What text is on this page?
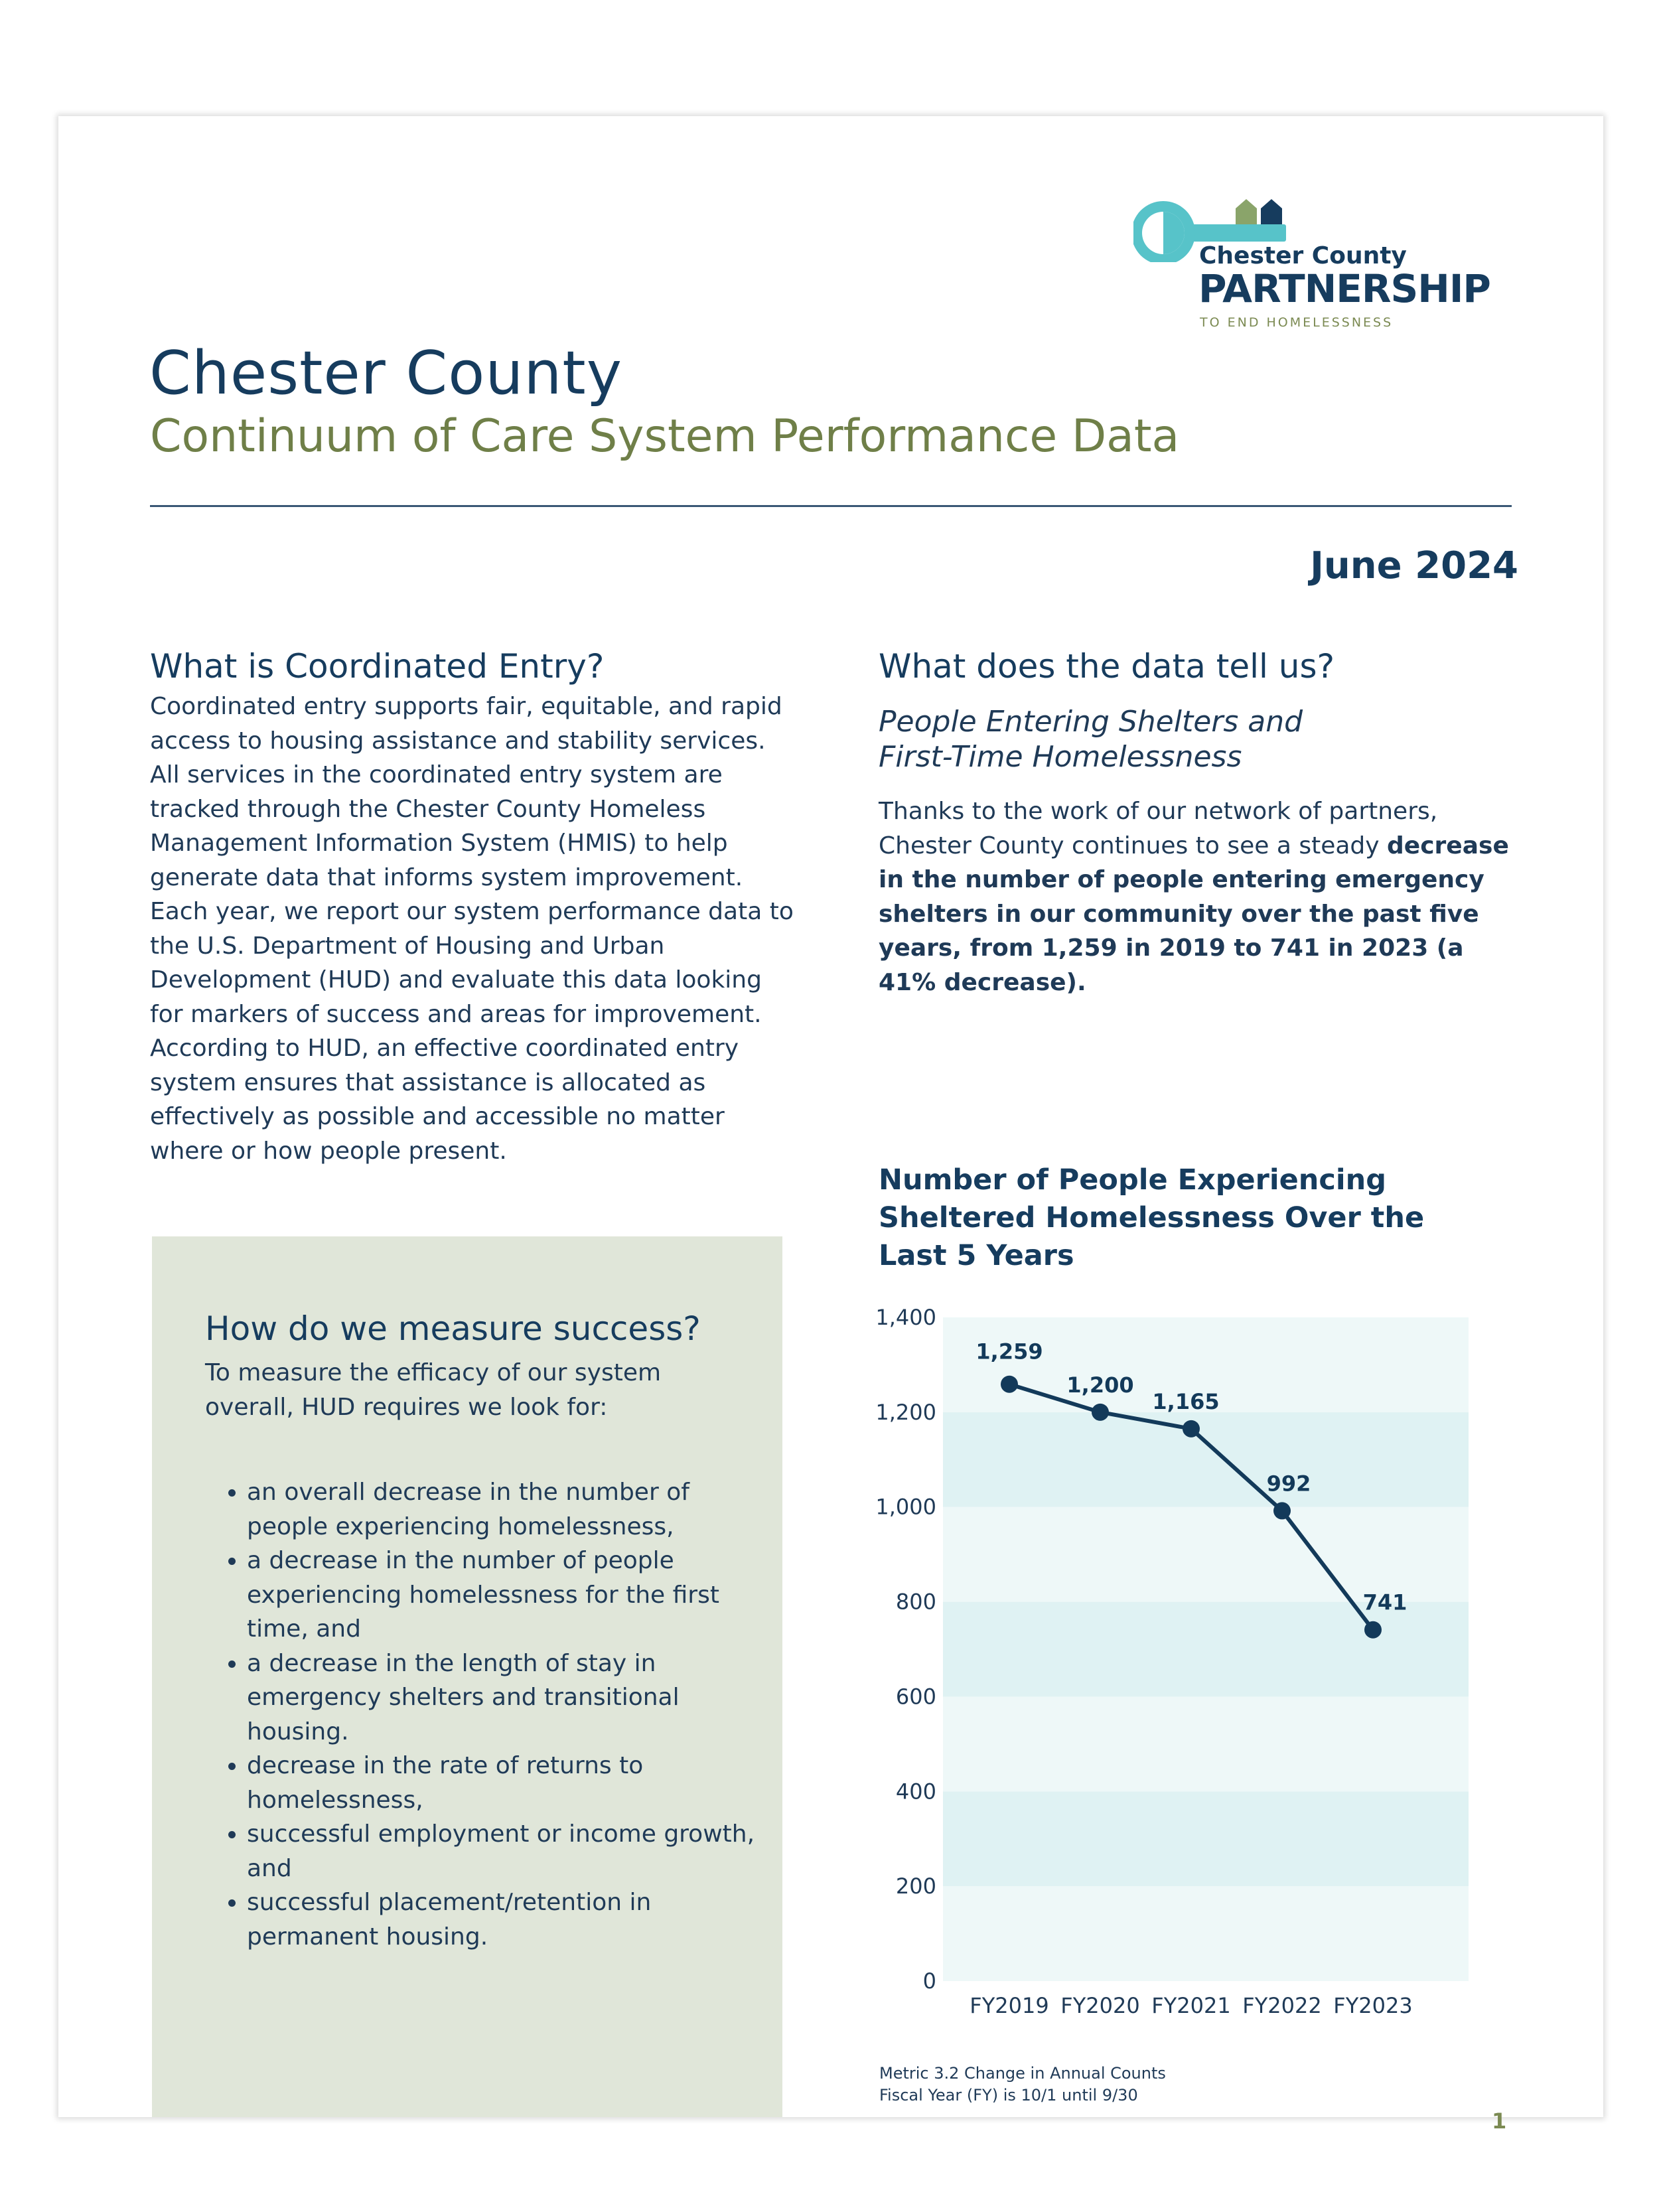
Chester County
PARTNERSHIP
TO END HOMELESSNESS
Chester County
Continuum of Care System Performance Data
June 2024
What is Coordinated Entry?
Coordinated entry supports fair, equitable, and rapid access to housing assistance and stability services. All services in the coordinated entry system are tracked through the Chester County Homeless Management Information System (HMIS) to help generate data that informs system improvement. Each year, we report our system performance data to the U.S. Department of Housing and Urban Development (HUD) and evaluate this data looking for markers of success and areas for improvement. According to HUD, an effective coordinated entry system ensures that assistance is allocated as effectively as possible and accessible no matter where or how people present.
How do we measure success?
To measure the efficacy of our system overall, HUD requires we look for:
• an overall decrease in the number of people experiencing homelessness,
• a decrease in the number of people experiencing homelessness for the first time, and
• a decrease in the length of stay in emergency shelters and transitional housing.
• decrease in the rate of returns to homelessness,
• successful employment or income growth, and
• successful placement/retention in permanent housing.
What does the data tell us?
People Entering Shelters and
First-Time Homelessness
Thanks to the work of our network of partners, Chester County continues to see a steady decrease in the number of people entering emergency shelters in our community over the past five years, from 1,259 in 2019 to 741 in 2023 (a 41% decrease).
Number of People Experiencing
Sheltered Homelessness Over the
Last 5 Years
0
200
400
600
800
1,000
1,200
1,400
FY2019 FY2020 FY2021 FY2022 FY2023
1,259
1,200
1,165
992
741
Metric 3.2 Change in Annual Counts
Fiscal Year (FY) is 10/1 until 9/30
1
